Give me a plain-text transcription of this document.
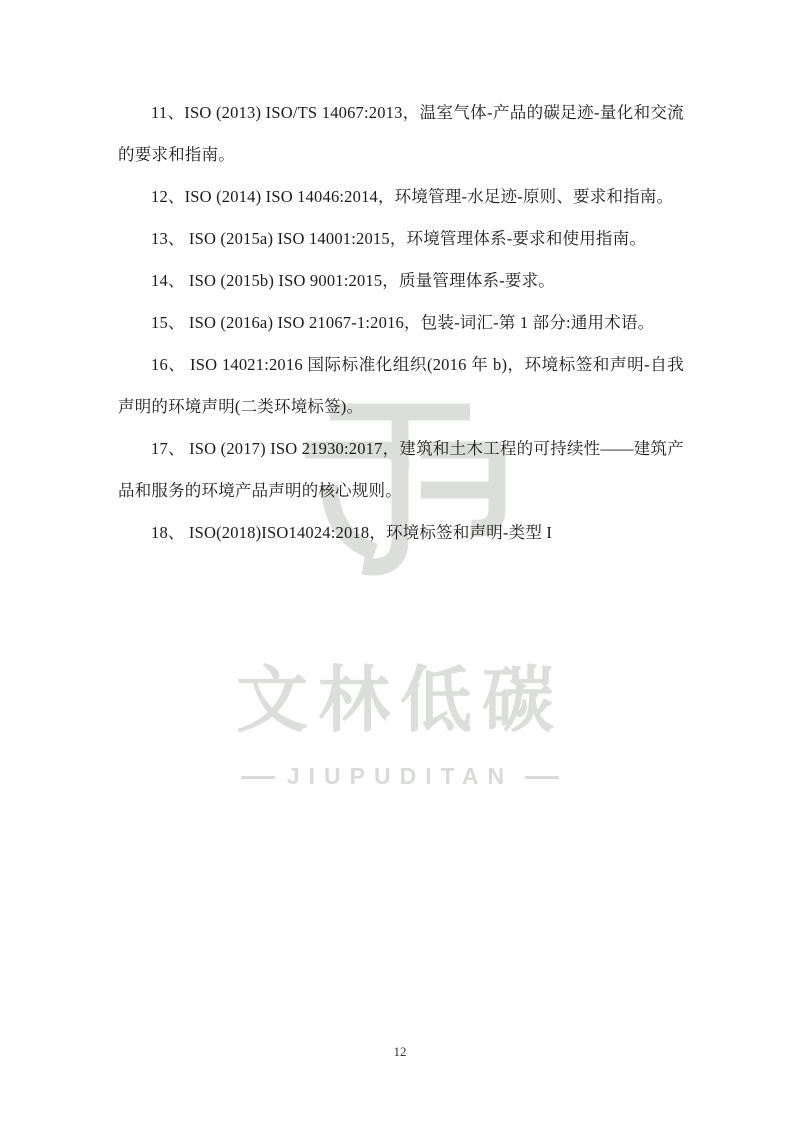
文林低碳
JIUPUDITAN

11、ISO (2013) ISO/TS 14067:2013，温室气体-产品的碳足迹-量化和交流的要求和指南。

12、ISO (2014) ISO 14046:2014，环境管理-水足迹-原则、要求和指南。

13、 ISO (2015a) ISO 14001:2015，环境管理体系-要求和使用指南。

14、 ISO (2015b) ISO 9001:2015，质量管理体系-要求。

15、 ISO (2016a) ISO 21067-1:2016，包装-词汇-第 1 部分:通用术语。

16、 ISO 14021:2016 国际标准化组织(2016 年 b)，环境标签和声明-自我声明的环境声明(二类环境标签)。

17、 ISO (2017) ISO 21930:2017，建筑和土木工程的可持续性——建筑产品和服务的环境产品声明的核心规则。

18、 ISO(2018)ISO14024:2018，环境标签和声明-类型 I

12
